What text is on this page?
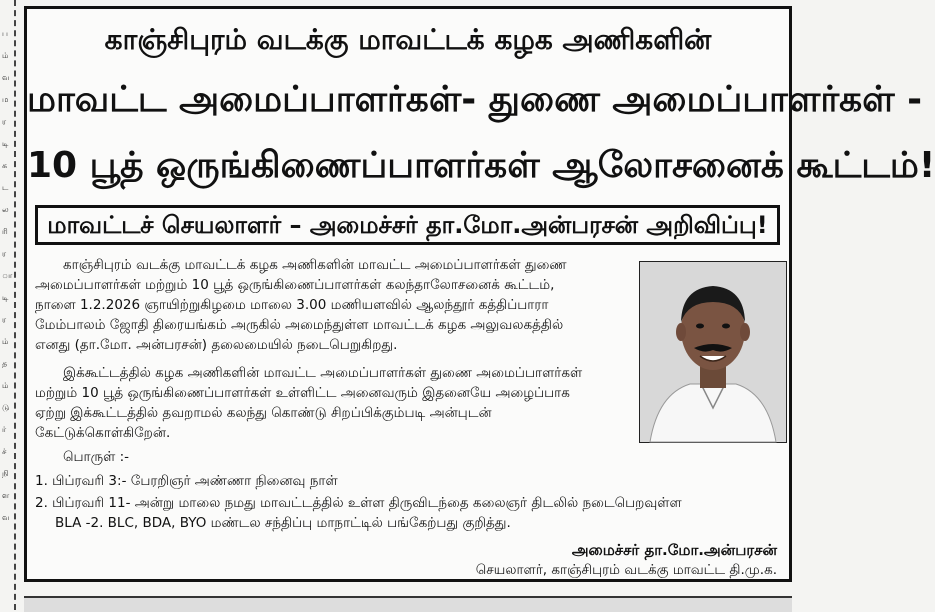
ப
ம்
வ
ம
ர
டி
க
ட
ல
ரி
ர
ா
டி
ர
ம்
த
ம்
டு
ர்
ச்
நி
ள
வ
காஞ்சிபுரம் வடக்கு மாவட்டக் கழக அணிகளின்
மாவட்ட அமைப்பாளர்கள்- துணை அமைப்பாளர்கள் -
10 பூத் ஒருங்கிணைப்பாளர்கள் ஆலோசனைக் கூட்டம்!
மாவட்டச் செயலாளர் – அமைச்சர் தா.மோ.அன்பரசன் அறிவிப்பு!
காஞ்சிபுரம் வடக்கு மாவட்டக் கழக அணிகளின் மாவட்ட அமைப்பாளர்கள் துணை
அமைப்பாளர்கள் மற்றும் 10 பூத் ஒருங்கிணைப்பாளர்கள் கலந்தாலோசனைக் கூட்டம்,
நாளை 1.2.2026 ஞாயிற்றுகிழமை மாலை 3.00 மணியளவில் ஆலந்தூர் கத்திப்பாரா
மேம்பாலம் ஜோதி திரையங்கம் அருகில் அமைந்துள்ள மாவட்டக் கழக அலுவலகத்தில்
எனது (தா.மோ. அன்பரசன்) தலைமையில் நடைபெறுகிறது.
இக்கூட்டத்தில் கழக அணிகளின் மாவட்ட அமைப்பாளர்கள் துணை அமைப்பாளர்கள்
மற்றும் 10 பூத் ஒருங்கிணைப்பாளர்கள் உள்ளிட்ட அனைவரும் இதனையே அழைப்பாக
ஏற்று இக்கூட்டத்தில் தவறாமல் கலந்து கொண்டு சிறப்பிக்கும்படி அன்புடன்
கேட்டுக்கொள்கிறேன்.
பொருள் :-
1. பிப்ரவரி 3:- பேரறிஞர் அண்ணா நினைவு நாள்
2. பிப்ரவரி 11- அன்று மாலை நமது மாவட்டத்தில் உள்ள திருவிடந்தை கலைஞர் திடலில் நடைபெறவுள்ள
BLA -2. BLC, BDA, BYO மண்டல சந்திப்பு மாநாட்டில் பங்கேற்பது குறித்து.
அமைச்சர் தா.மோ.அன்பரசன்
செயலாளர், காஞ்சிபுரம் வடக்கு மாவட்ட தி.மு.க.
